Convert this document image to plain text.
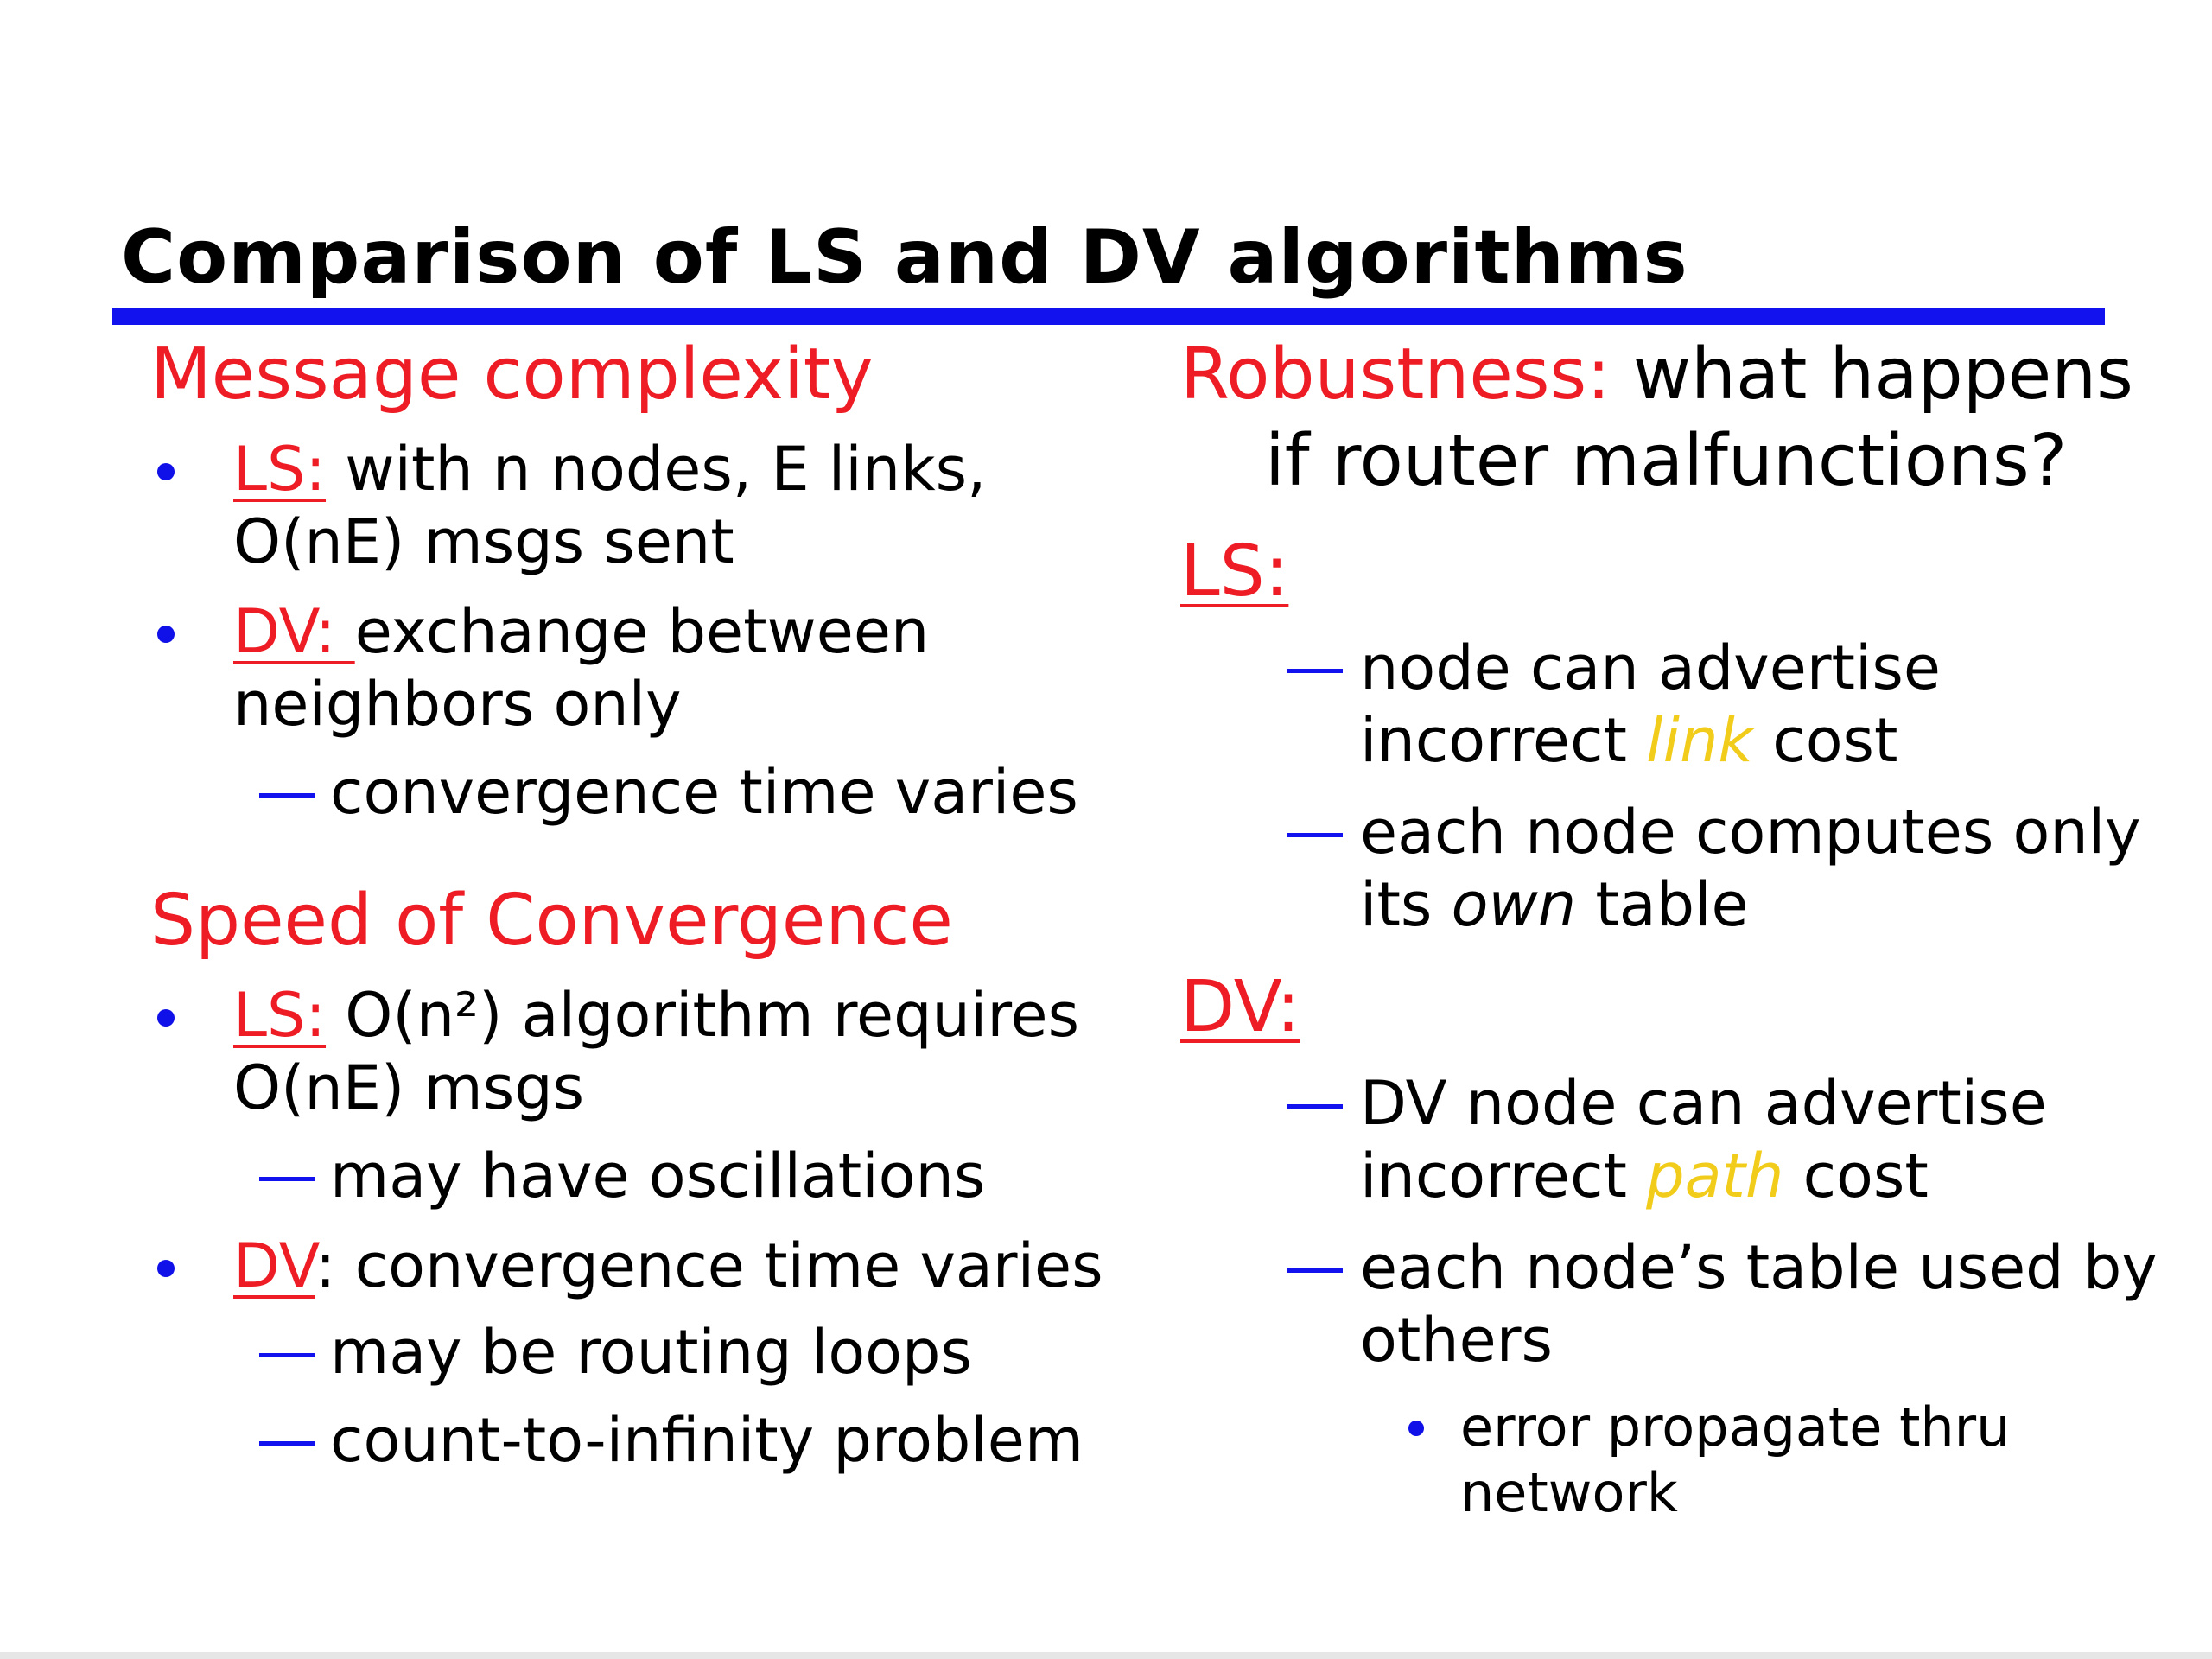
Comparison of LS and DV algorithms
Message complexity
LS: with n nodes, E links,
O(nE) msgs sent
DV: exchange between
neighbors only
convergence time varies
Speed of Convergence
LS: O(n²) algorithm requires
O(nE) msgs
may have oscillations
DV: convergence time varies
may be routing loops
count-to-infinity problem
Robustness: what happens
if router malfunctions?
LS:
node can advertise
incorrect link cost
each node computes only
its own table
DV:
DV node can advertise
incorrect path cost
each node’s table used by
others
error propagate thru
network
